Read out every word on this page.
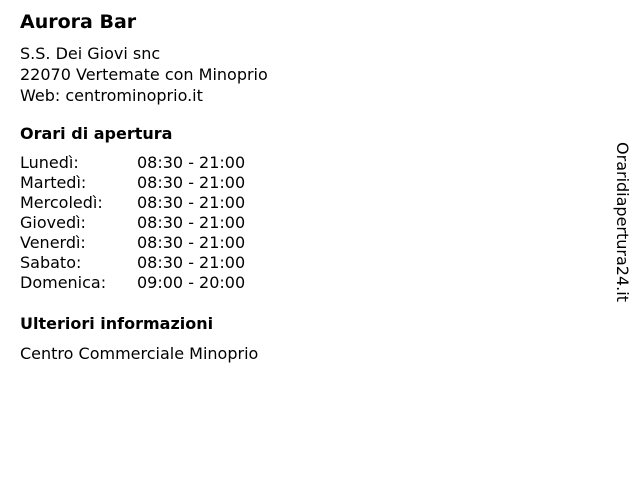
Aurora Bar
S.S. Dei Giovi snc
22070 Vertemate con Minoprio
Web: centrominoprio.it
Orari di apertura
Lunedì:	08:30 - 21:00
Martedì:	08:30 - 21:00
Mercoledì:	08:30 - 21:00
Giovedì:	08:30 - 21:00
Venerdì:	08:30 - 21:00
Sabato:	08:30 - 21:00
Domenica:	09:00 - 20:00
Ulteriori informazioni
Centro Commerciale Minoprio
Oraridiapertura24.it
